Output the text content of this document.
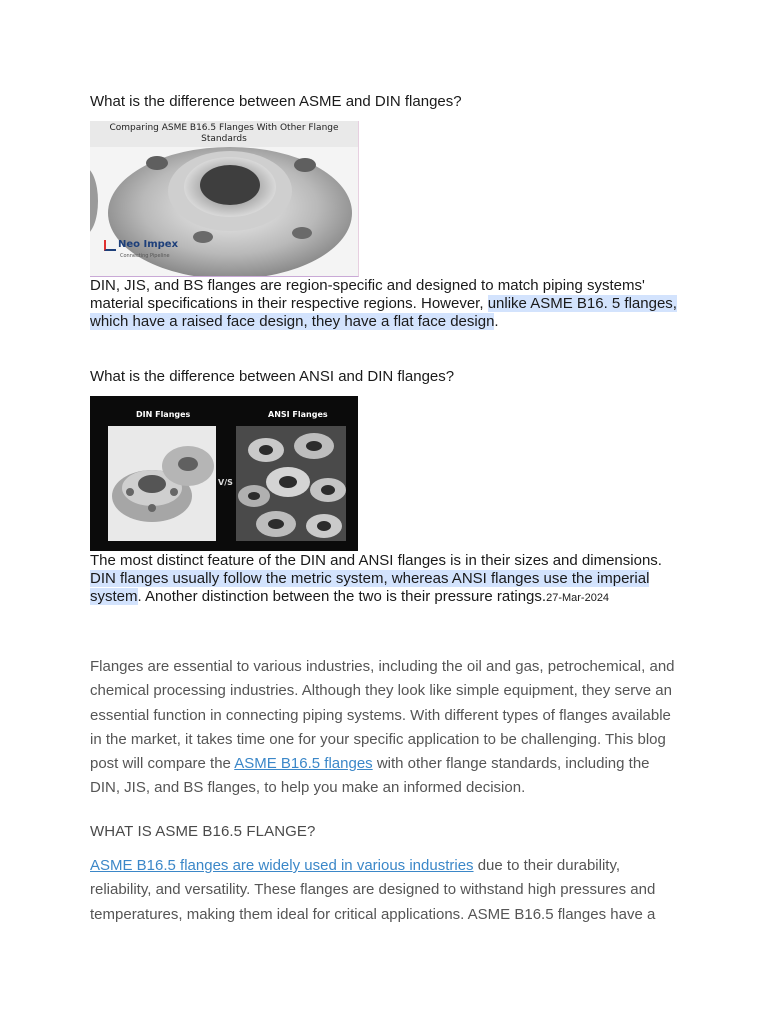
What is the difference between ASME and DIN flanges?
Comparing ASME B16.5 Flanges With Other Flange
Standards
Neo Impex
Connecting Pipeline
DIN, JIS, and BS flanges are region-specific and designed to match piping systems' material specifications in their respective regions. However, unlike ASME B16. 5 flanges, which have a raised face design, they have a flat face design.
What is the difference between ANSI and DIN flanges?
DIN Flanges	ANSI Flanges
V/S
The most distinct feature of the DIN and ANSI flanges is in their sizes and dimensions. DIN flanges usually follow the metric system, whereas ANSI flanges use the imperial system. Another distinction between the two is their pressure ratings.27-Mar-2024

Flanges are essential to various industries, including the oil and gas, petrochemical, and chemical processing industries. Although they look like simple equipment, they serve an essential function in connecting piping systems. With different types of flanges available in the market, it takes time one for your specific application to be challenging. This blog post will compare the ASME B16.5 flanges with other flange standards, including the DIN, JIS, and BS flanges, to help you make an informed decision.

WHAT IS ASME B16.5 FLANGE?

ASME B16.5 flanges are widely used in various industries due to their durability, reliability, and versatility. These flanges are designed to withstand high pressures and temperatures, making them ideal for critical applications. ASME B16.5 flanges have a
